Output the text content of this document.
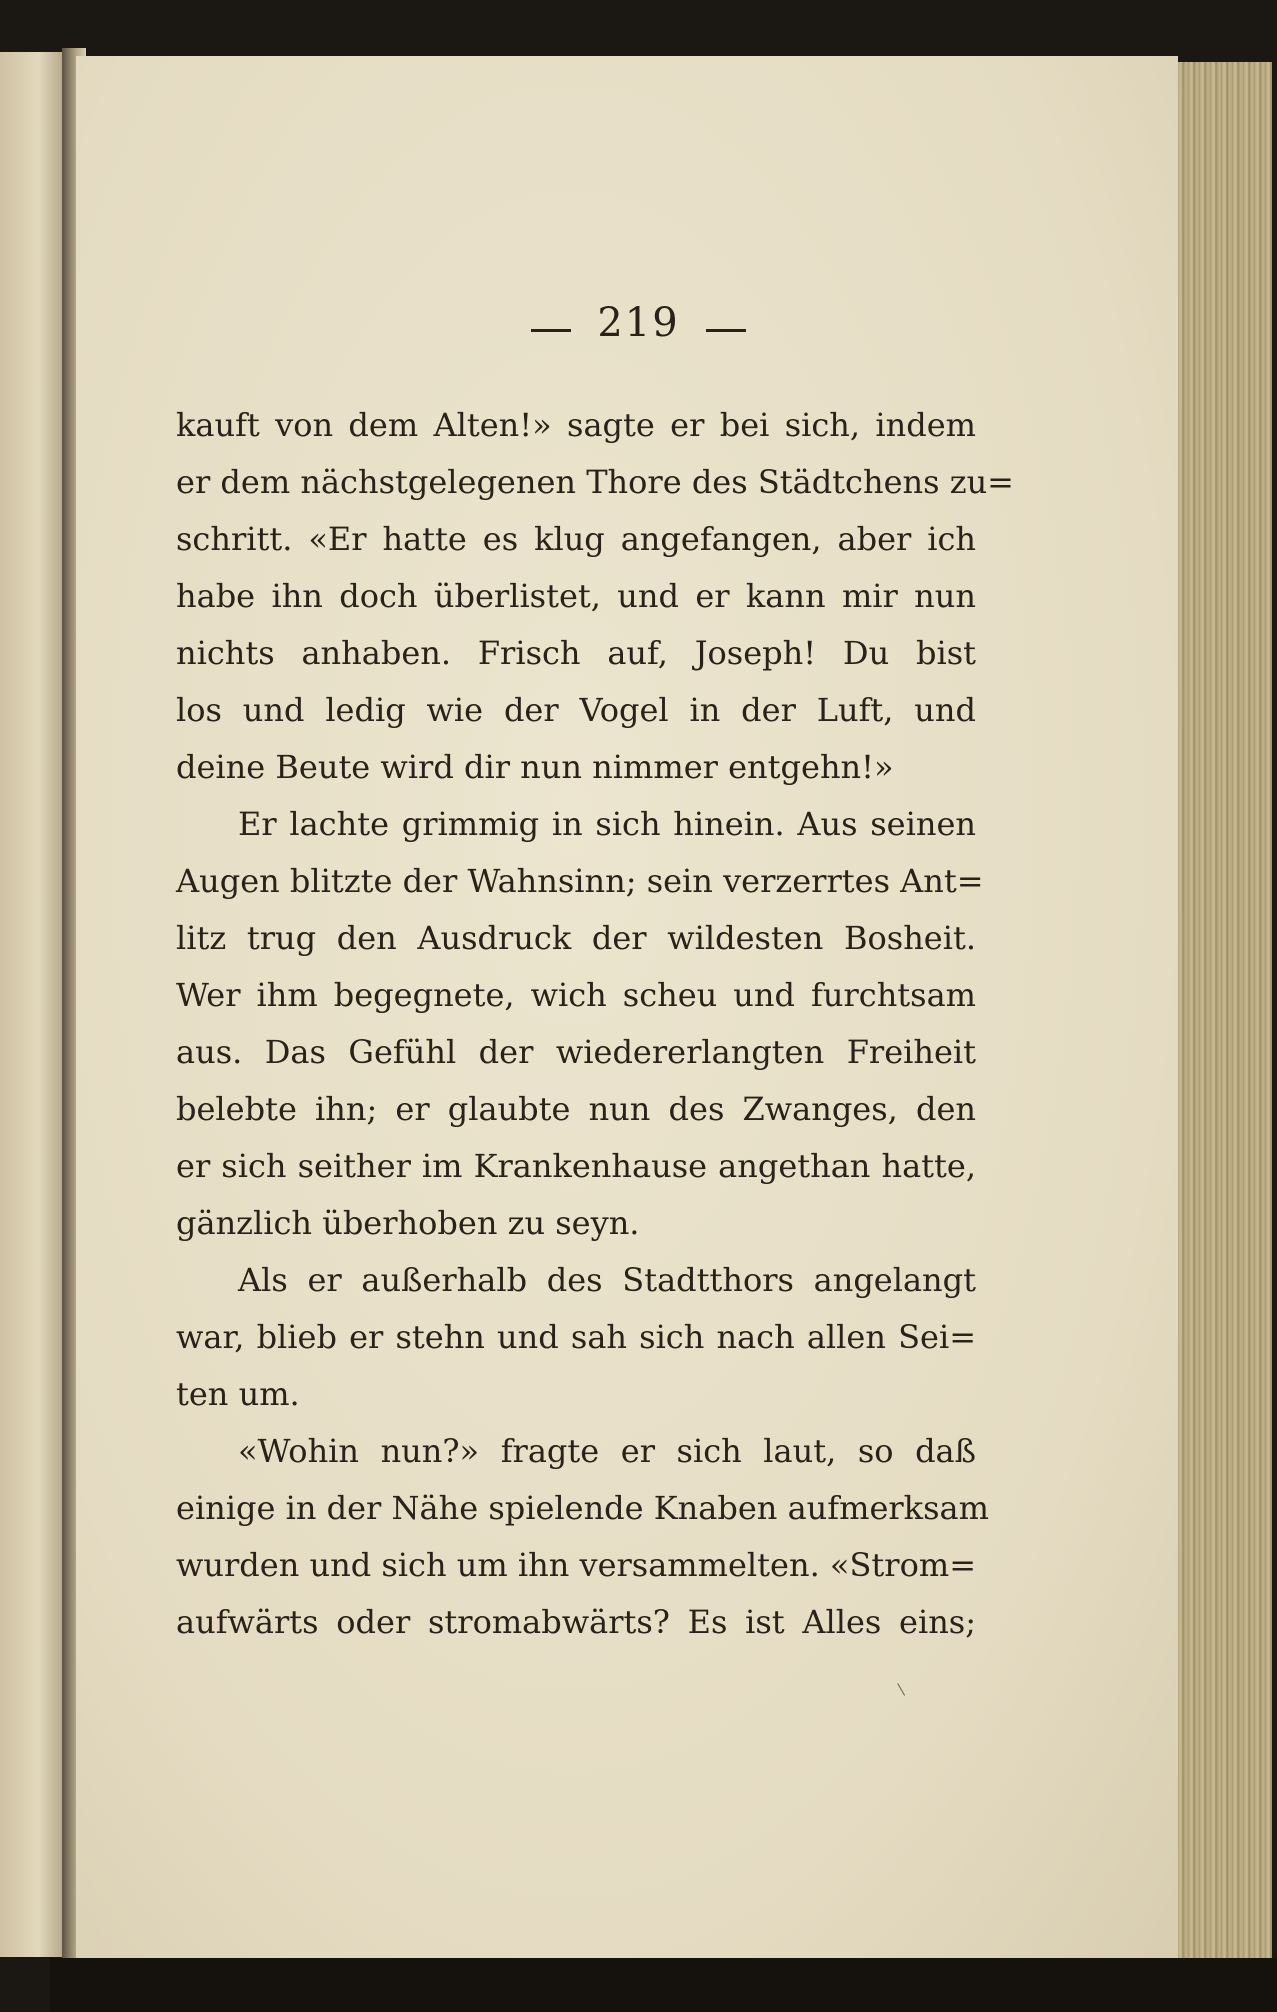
219
kauft von dem Alten!» sagte er bei sich, indem
er dem nächstgelegenen Thore des Städtchens zu=
schritt. «Er hatte es klug angefangen, aber ich
habe ihn doch überlistet, und er kann mir nun
nichts anhaben. Frisch auf, Joseph! Du bist
los und ledig wie der Vogel in der Luft, und
deine Beute wird dir nun nimmer entgehn!»
Er lachte grimmig in sich hinein. Aus seinen
Augen blitzte der Wahnsinn; sein verzerrtes Ant=
litz trug den Ausdruck der wildesten Bosheit.
Wer ihm begegnete, wich scheu und furchtsam
aus. Das Gefühl der wiedererlangten Freiheit
belebte ihn; er glaubte nun des Zwanges, den
er sich seither im Krankenhause angethan hatte,
gänzlich überhoben zu seyn.
Als er außerhalb des Stadtthors angelangt
war, blieb er stehn und sah sich nach allen Sei=
ten um.
«Wohin nun?» fragte er sich laut, so daß
einige in der Nähe spielende Knaben aufmerksam
wurden und sich um ihn versammelten. «Strom=
aufwärts oder stromabwärts? Es ist Alles eins;
